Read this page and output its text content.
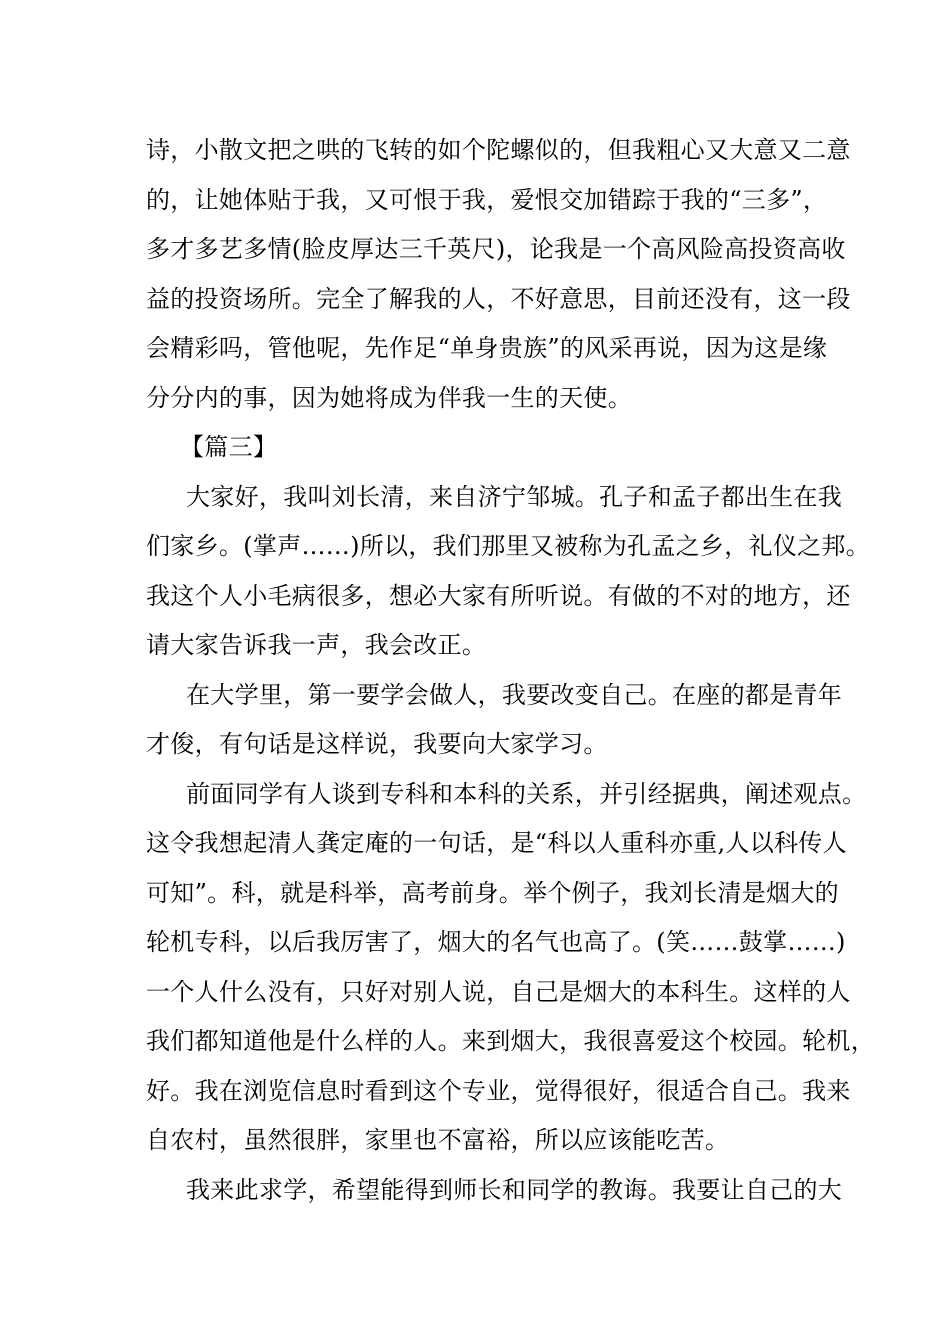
诗，小散文把之哄的飞转的如个陀螺似的，但我粗心又大意又二意
的，让她体贴于我，又可恨于我，爱恨交加错踪于我的“三多”，
多才多艺多情(脸皮厚达三千英尺)，论我是一个高风险高投资高收
益的投资场所。完全了解我的人，不好意思，目前还没有，这一段
会精彩吗，管他呢，先作足“单身贵族”的风采再说，因为这是缘
分分内的事，因为她将成为伴我一生的天使。
【篇三】
大家好，我叫刘长清，来自济宁邹城。孔子和孟子都出生在我
们家乡。(掌声……)所以，我们那里又被称为孔孟之乡，礼仪之邦。
我这个人小毛病很多，想必大家有所听说。有做的不对的地方，还
请大家告诉我一声，我会改正。
在大学里，第一要学会做人，我要改变自己。在座的都是青年
才俊，有句话是这样说，我要向大家学习。
前面同学有人谈到专科和本科的关系，并引经据典，阐述观点。
这令我想起清人龚定庵的一句话，是“科以人重科亦重,人以科传人
可知”。科，就是科举，高考前身。举个例子，我刘长清是烟大的
轮机专科，以后我厉害了，烟大的名气也高了。(笑……鼓掌……)
一个人什么没有，只好对别人说，自己是烟大的本科生。这样的人
我们都知道他是什么样的人。来到烟大，我很喜爱这个校园。轮机，
好。我在浏览信息时看到这个专业，觉得很好，很适合自己。我来
自农村，虽然很胖，家里也不富裕，所以应该能吃苦。
我来此求学，希望能得到师长和同学的教诲。我要让自己的大
